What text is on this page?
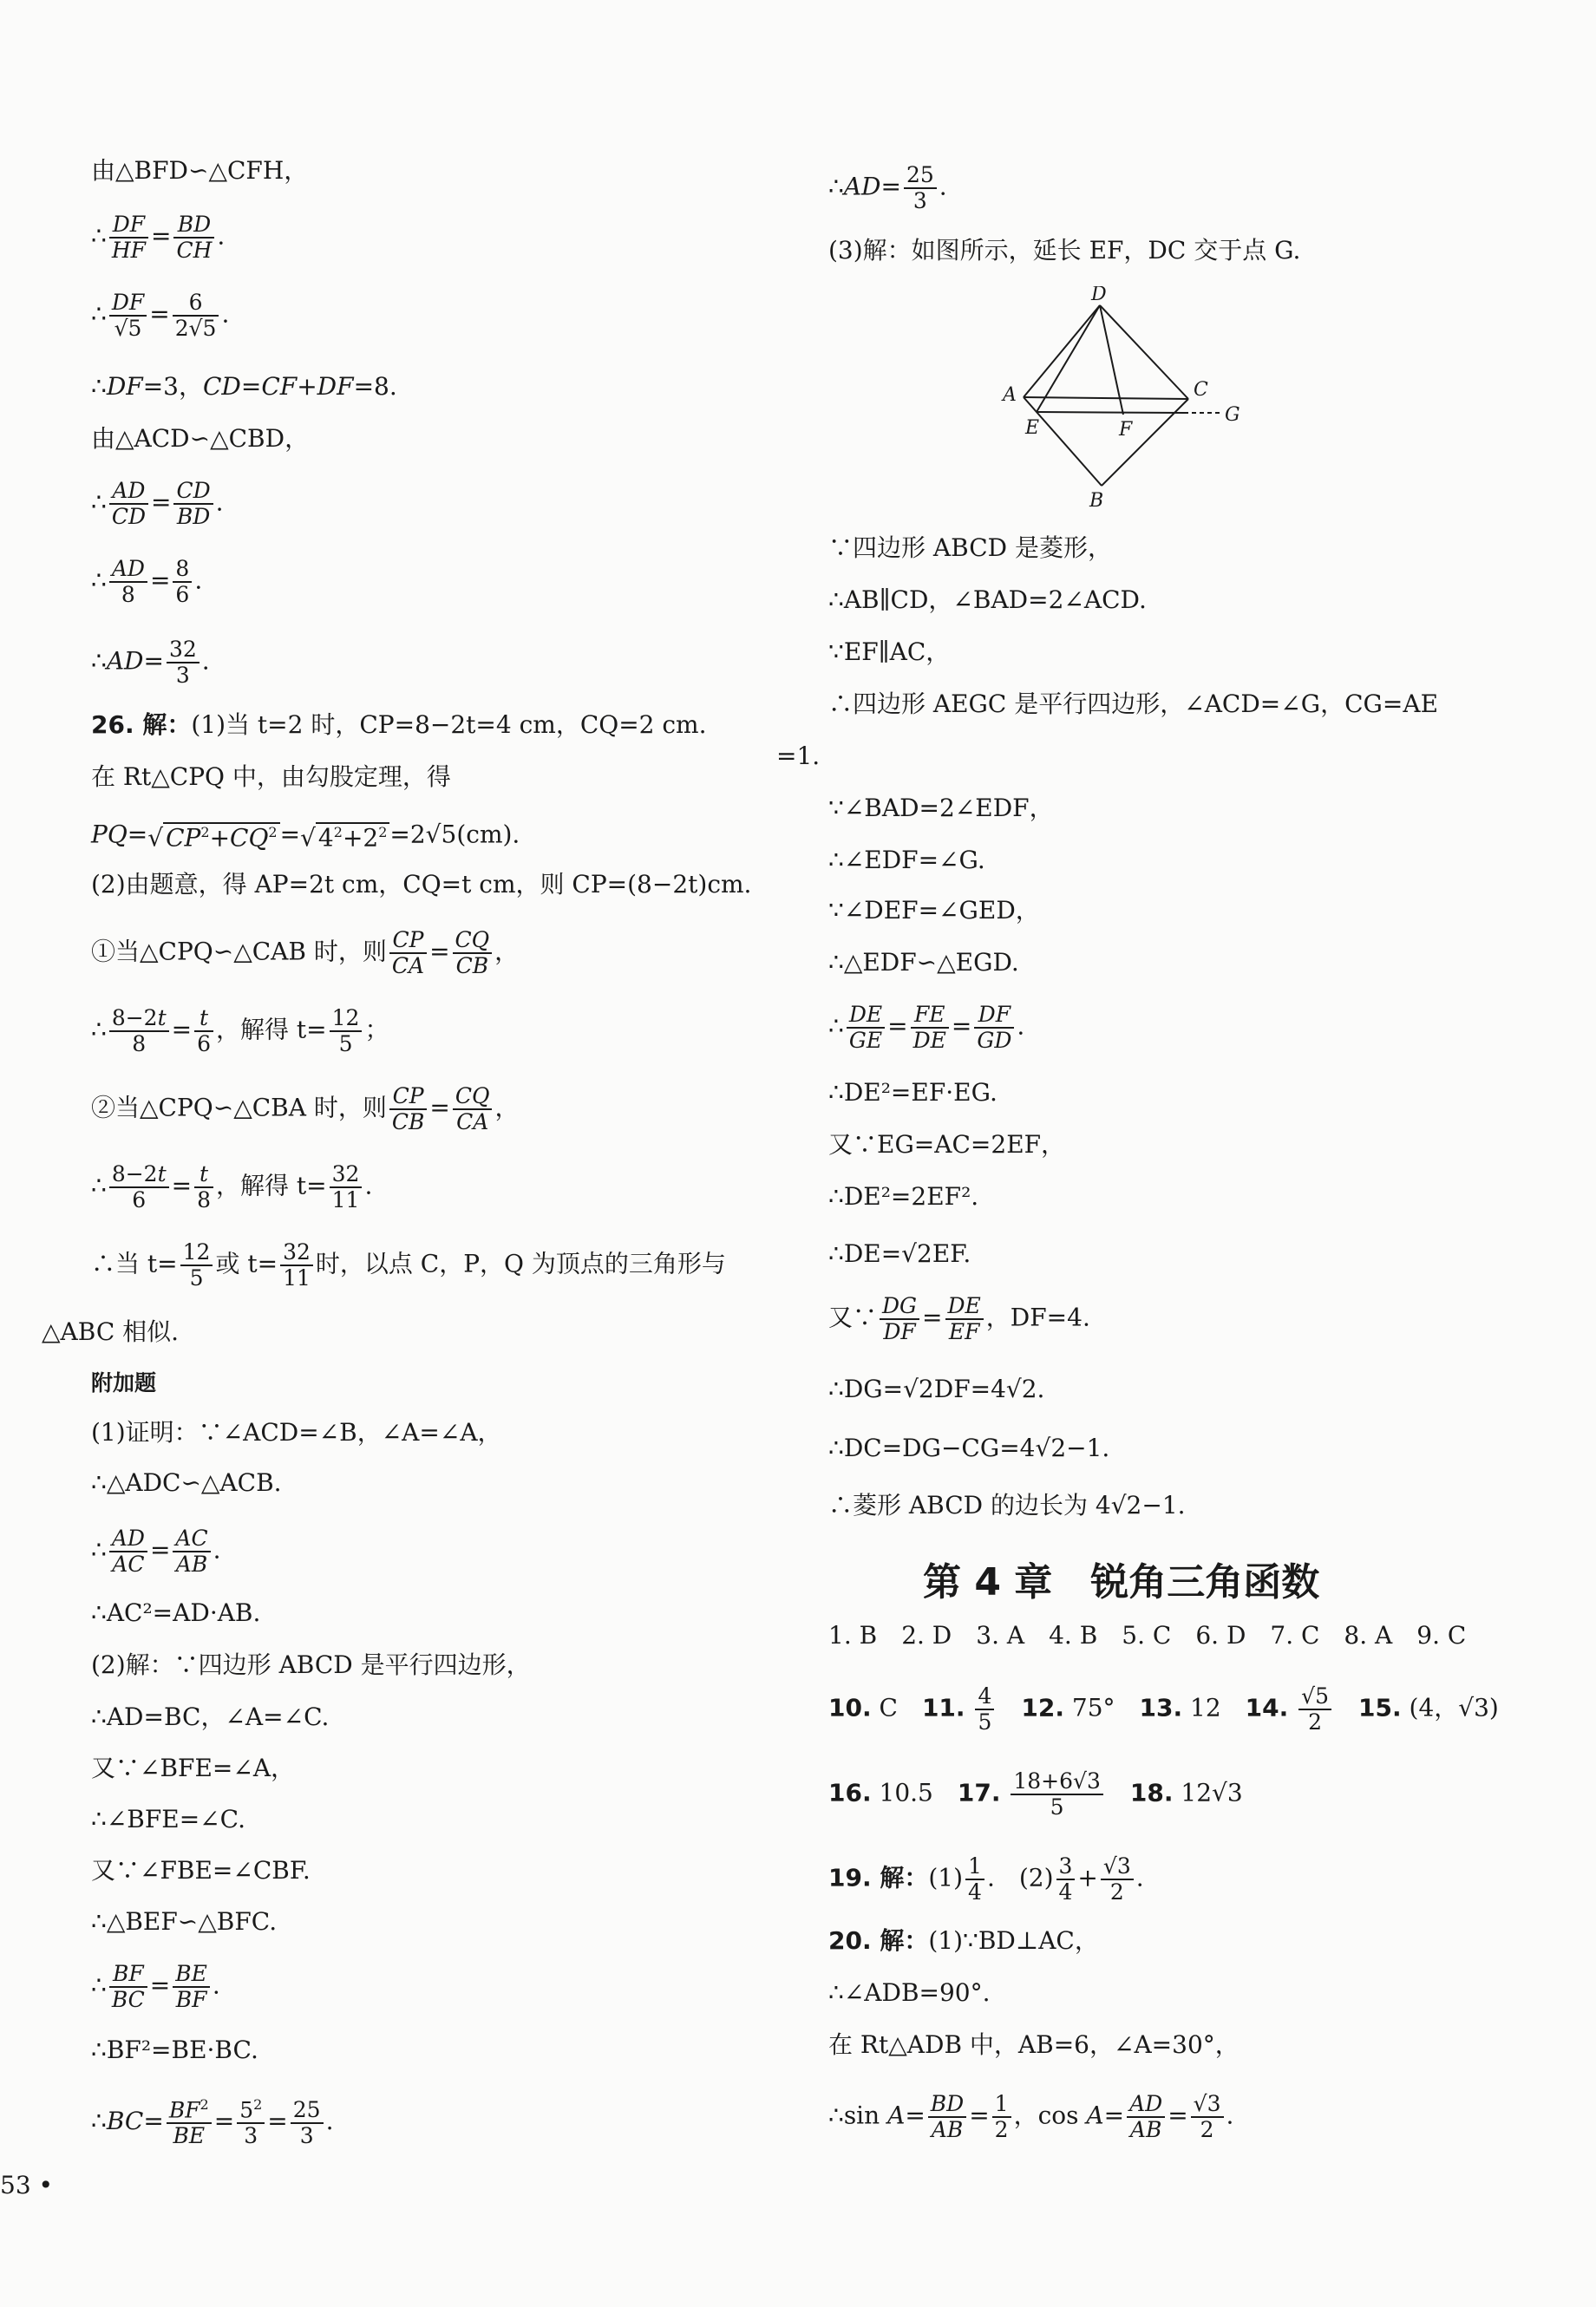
由△BFD∽△CFH，
∴ $\frac{DF}{HF} = \frac{BD}{CH}$ .
∴ $\frac{DF}{√5} = \frac{6}{2√5}$ .
∴DF=3，CD=CF+DF=8.
由△ACD∽△CBD，
∴ $\frac{AD}{CD} = \frac{CD}{BD}$ .
∴ $\frac{AD}{8} = \frac{8}{6}$ .
∴AD= $\frac{32}{3}$ .
26. 解：(1)当 t=2 时，CP=8−2t=4 cm，CQ=2 cm.
在 Rt△CPQ 中，由勾股定理，得
PQ=√ $CP^2+CQ^2$ =√ $4^2+2^2 =2√5(cm)$.
(2)由题意，得 AP=2t cm，CQ=t cm，则 CP=(8−2t)cm.
①当△CPQ∽△CAB 时，则 $\frac{CP}{CA} = \frac{CQ}{CB}$ ，
∴ $\frac{8-2t}{8} = \frac{t}{6}$ ，解得 $t= \frac{12}{5}$ ；
②当△CPQ∽△CBA 时，则 $\frac{CP}{CB} = \frac{CQ}{CA}$ ，
∴ $\frac{8-2t}{6} = \frac{t}{8}$ ，解得 $t= \frac{32}{11}$ .
∴当 $t= \frac{12}{5}$ 或 $t= \frac{32}{11}$ 时，以点 C，P，Q 为顶点的三角形与
△ABC 相似.
附加题
(1)证明：∵∠ACD=∠B，∠A=∠A，
∴△ADC∽△ACB.
∴ $\frac{AD}{AC} = \frac{AC}{AB}$ .
∴AC²=AD·AB.
(2)解：∵四边形 ABCD 是平行四边形，
∴AD=BC，∠A=∠C.
又∵∠BFE=∠A，
∴∠BFE=∠C.
又∵∠FBE=∠CBF.
∴△BEF∽△BFC.
∴ $\frac{BF}{BC} = \frac{BE}{BF}$ .
∴BF²=BE·BC.
∴BC= $\frac{BF^2}{BE} = \frac{5^2}{3} = \frac{25}{3}$ .
53 •
∴AD= $\frac{25}{3}$ .
(3)解：如图所示，延长 EF，DC 交于点 G.
D
A	C
G
E	F
B
∵四边形 ABCD 是菱形，
∴AB∥CD，∠BAD=2∠ACD.
∵EF∥AC，
∴四边形 AEGC 是平行四边形，∠ACD=∠G，CG=AE
=1.
∵∠BAD=2∠EDF，
∴∠EDF=∠G.
∵∠DEF=∠GED，
∴△EDF∽△EGD.
∴ $\frac{DE}{GE} = \frac{FE}{DE} = \frac{DF}{GD}$ .
∴DE²=EF·EG.
又∵EG=AC=2EF，
∴DE²=2EF².
∴DE=√2EF.
又∵ $\frac{DG}{DF} = \frac{DE}{EF}$ ，DF=4.
∴DG=√2DF=4√2.
∴DC=DG−CG=4√2−1.
∴菱形 ABCD 的边长为 4√2−1.
第 4 章　锐角三角函数
1. B　2. D　3. A　4. B　5. C　6. D　7. C　8. A　9. C
10. C　11. $\frac{4}{5}$
　 12. 75°　13. 12　14. $\frac{√5}{2}$
　 15. (4，√3)
16. 10.5　17. $\frac{18+6√3}{5}$
　 18. 12√3
19. 解：$(1) \frac{1}{4}$ .　$(2) \frac{3}{4} + \frac{√3}{2}$ .
20. 解：(1)∵BD⊥AC，
∴∠ADB=90°.
在 Rt△ADB 中，AB=6，∠A=30°，
∴sin $A= \frac{BD}{AB} = \frac{1}{2}$ ，$\cos A= \frac{AD}{AB} = \frac{√3}{2}$ .
